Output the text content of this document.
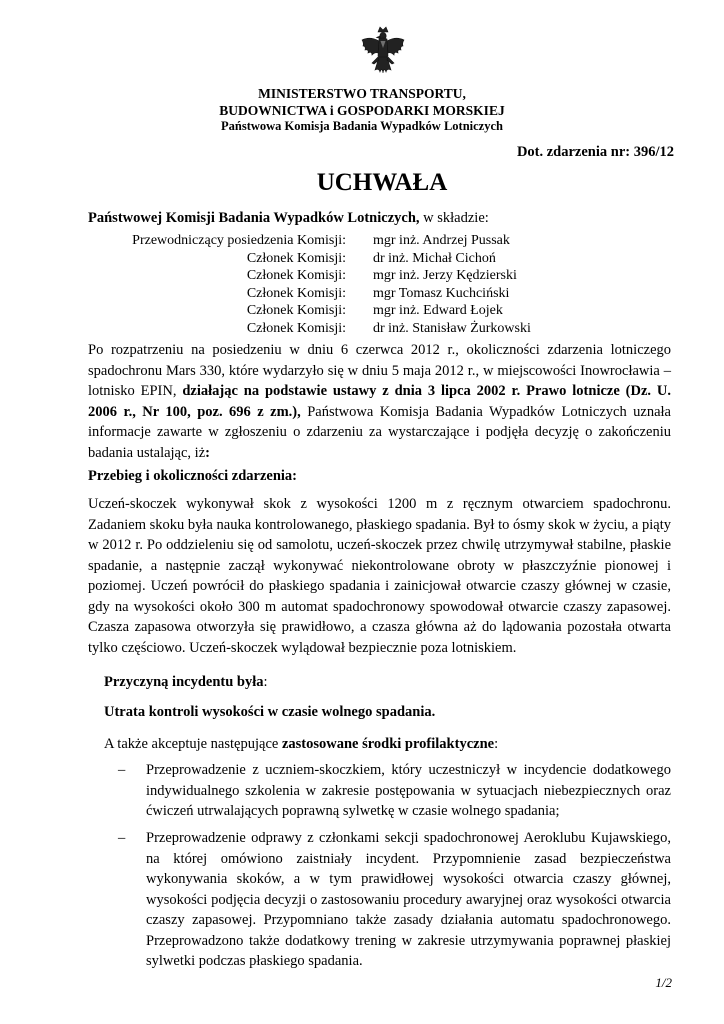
MINISTERSTWO TRANSPORTU,
BUDOWNICTWA i GOSPODARKI MORSKIEJ
Państwowa Komisja Badania Wypadków Lotniczych
Dot. zdarzenia nr: 396/12
UCHWAŁA
Państwowej Komisji Badania Wypadków Lotniczych, w składzie:
Przewodniczący posiedzenia Komisji:	mgr inż. Andrzej Pussak
Członek Komisji:	dr inż. Michał Cichoń
Członek Komisji:	mgr inż. Jerzy Kędzierski
Członek Komisji:	mgr Tomasz Kuchciński
Członek Komisji:	mgr inż. Edward Łojek
Członek Komisji:	dr inż. Stanisław Żurkowski
Po rozpatrzeniu na posiedzeniu w dniu 6 czerwca 2012 r., okoliczności zdarzenia lotniczego
spadochronu Mars 330, które wydarzyło się w dniu 5 maja 2012 r., w miejscowości Inowrocławia –
lotnisko EPIN, działając na podstawie ustawy z dnia 3 lipca 2002 r. Prawo lotnicze (Dz. U.
2006 r., Nr 100, poz. 696 z zm.), Państwowa Komisja Badania Wypadków Lotniczych uznała
informacje zawarte w zgłoszeniu o zdarzeniu za wystarczające i podjęła decyzję o zakończeniu
badania ustalając, iż:
Przebieg i okoliczności zdarzenia:

Uczeń-skoczek wykonywał skok z wysokości 1200 m z ręcznym otwarciem spadochronu. Zadaniem skoku była nauka kontrolowanego, płaskiego spadania. Był to ósmy skok w życiu, a piąty w 2012 r. Po oddzieleniu się od samolotu, uczeń-skoczek przez chwilę utrzymywał stabilne, płaskie spadanie, a następnie zaczął wykonywać niekontrolowane obroty w płaszczyźnie pionowej i poziomej. Uczeń powrócił do płaskiego spadania i zainicjował otwarcie czaszy głównej w czasie, gdy na wysokości około 300 m automat spadochronowy spowodował otwarcie czaszy zapasowej. Czasza zapasowa otworzyła się prawidłowo, a czasza główna aż do lądowania pozostała otwarta tylko częściowo. Uczeń-skoczek wylądował bezpiecznie poza lotniskiem.

Przyczyną incydentu była:
Utrata kontroli wysokości w czasie wolnego spadania.
A także akceptuje następujące zastosowane środki profilaktyczne:
– Przeprowadzenie z uczniem-skoczkiem, który uczestniczył w incydencie dodatkowego indywidualnego szkolenia w zakresie postępowania w sytuacjach niebezpiecznych oraz ćwiczeń utrwalających poprawną sylwetkę w czasie wolnego spadania;
– Przeprowadzenie odprawy z członkami sekcji spadochronowej Aeroklubu Kujawskiego, na której omówiono zaistniały incydent. Przypomnienie zasad bezpieczeństwa wykonywania skoków, a w tym prawidłowej wysokości otwarcia czaszy głównej, wysokości podjęcia decyzji o zastosowaniu procedury awaryjnej oraz wysokości otwarcia czaszy zapasowej. Przypomniano także zasady działania automatu spadochronowego. Przeprowadzono także dodatkowy trening w zakresie utrzymywania poprawnej płaskiej sylwetki podczas płaskiego spadania.
1/2
